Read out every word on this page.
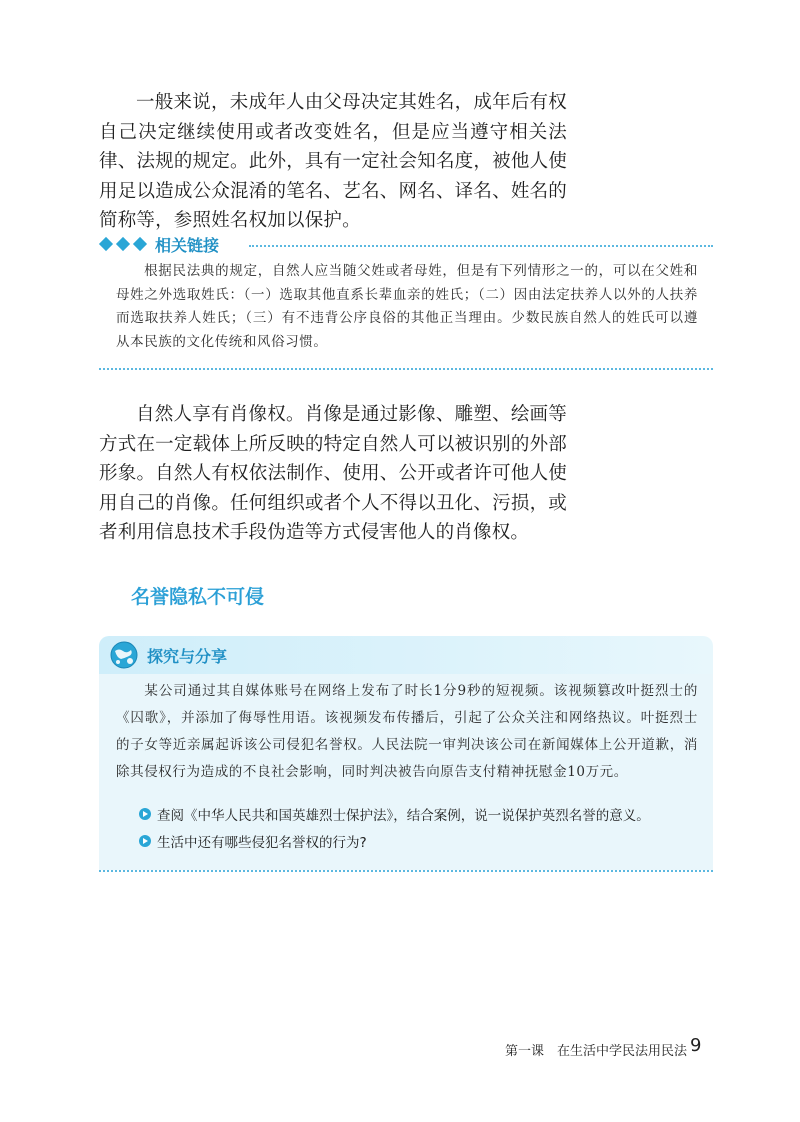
一般来说，未成年人由父母决定其姓名，成年后有权自己决定继续使用或者改变姓名，但是应当遵守相关法律、法规的规定。此外，具有一定社会知名度，被他人使用足以造成公众混淆的笔名、艺名、网名、译名、姓名的简称等，参照姓名权加以保护。

相关链接

根据民法典的规定，自然人应当随父姓或者母姓，但是有下列情形之一的，可以在父姓和母姓之外选取姓氏：（一）选取其他直系长辈血亲的姓氏；（二）因由法定扶养人以外的人扶养而选取扶养人姓氏；（三）有不违背公序良俗的其他正当理由。少数民族自然人的姓氏可以遵从本民族的文化传统和风俗习惯。

自然人享有肖像权。肖像是通过影像、雕塑、绘画等方式在一定载体上所反映的特定自然人可以被识别的外部形象。自然人有权依法制作、使用、公开或者许可他人使用自己的肖像。任何组织或者个人不得以丑化、污损，或者利用信息技术手段伪造等方式侵害他人的肖像权。

名誉隐私不可侵
探究与分享

某公司通过其自媒体账号在网络上发布了时长1分9秒的短视频。该视频篡改叶挺烈士的《囚歌》，并添加了侮辱性用语。该视频发布传播后，引起了公众关注和网络热议。叶挺烈士的子女等近亲属起诉该公司侵犯名誉权。人民法院一审判决该公司在新闻媒体上公开道歉，消除其侵权行为造成的不良社会影响，同时判决被告向原告支付精神抚慰金10万元。

查阅《中华人民共和国英雄烈士保护法》，结合案例，说一说保护英烈名誉的意义。
生活中还有哪些侵犯名誉权的行为?
第一课　在生活中学民法用民法 9
